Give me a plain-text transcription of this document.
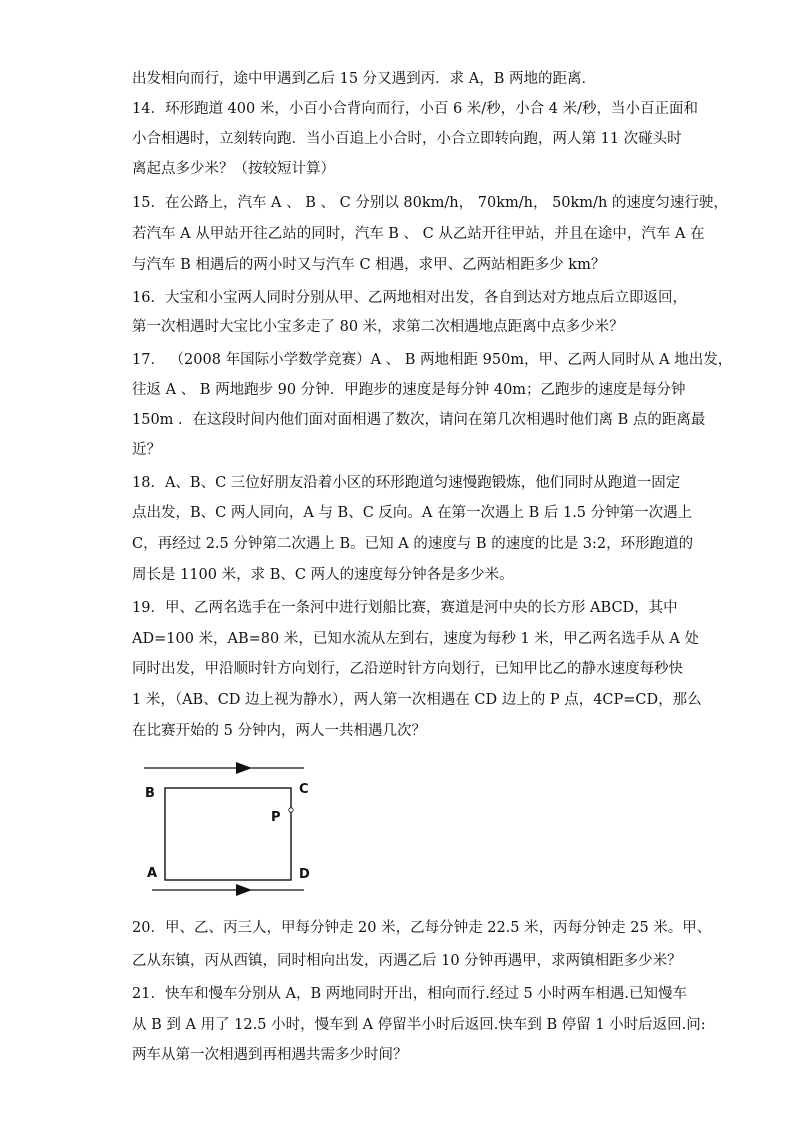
出发相向而行，途中甲遇到乙后 15 分又遇到丙．求 A，B 两地的距离．
14．环形跑道 400 米，小百小合背向而行，小百 6 米/秒，小合 4 米/秒，当小百正面和
小合相遇时，立刻转向跑．当小百追上小合时，小合立即转向跑，两人第 11 次碰头时
离起点多少米？（按较短计算）
15．在公路上，汽车 A 、 B 、 C 分别以 80km/h， 70km/h， 50km/h 的速度匀速行驶，
若汽车 A 从甲站开往乙站的同时，汽车 B 、 C 从乙站开往甲站，并且在途中，汽车 A 在
与汽车 B 相遇后的两小时又与汽车 C 相遇，求甲、乙两站相距多少 km？
16．大宝和小宝两人同时分别从甲、乙两地相对出发，各自到达对方地点后立即返回，
第一次相遇时大宝比小宝多走了 80 米，求第二次相遇地点距离中点多少米？
17． （2008 年国际小学数学竞赛）A 、 B 两地相距 950m，甲、乙两人同时从 A 地出发，
往返 A 、 B 两地跑步 90 分钟．甲跑步的速度是每分钟 40m；乙跑步的速度是每分钟
150m ．在这段时间内他们面对面相遇了数次，请问在第几次相遇时他们离 B 点的距离最
近？
18．A、B、C 三位好朋友沿着小区的环形跑道匀速慢跑锻炼，他们同时从跑道一固定
点出发，B、C 两人同向，A 与 B、C 反向。A 在第一次遇上 B 后 1.5 分钟第一次遇上
C，再经过 2.5 分钟第二次遇上 B。已知 A 的速度与 B 的速度的比是 3:2，环形跑道的
周长是 1100 米，求 B、C 两人的速度每分钟各是多少米。
19．甲、乙两名选手在一条河中进行划船比赛，赛道是河中央的长方形 ABCD，其中
AD=100 米，AB=80 米，已知水流从左到右，速度为每秒 1 米，甲乙两名选手从 A 处
同时出发，甲沿顺时针方向划行，乙沿逆时针方向划行，已知甲比乙的静水速度每秒快
1 米，（AB、CD 边上视为静水），两人第一次相遇在 CD 边上的 P 点，4CP=CD，那么
在比赛开始的 5 分钟内，两人一共相遇几次？
B	C
P
A	D
20．甲、乙、丙三人，甲每分钟走 20 米，乙每分钟走 22.5 米，丙每分钟走 25 米。甲、
乙从东镇，丙从西镇，同时相向出发，丙遇乙后 10 分钟再遇甲，求两镇相距多少米？
21．快车和慢车分别从 A，B 两地同时开出，相向而行.经过 5 小时两车相遇.已知慢车
从 B 到 A 用了 12.5 小时，慢车到 A 停留半小时后返回.快车到 B 停留 1 小时后返回.问:
两车从第一次相遇到再相遇共需多少时间？
